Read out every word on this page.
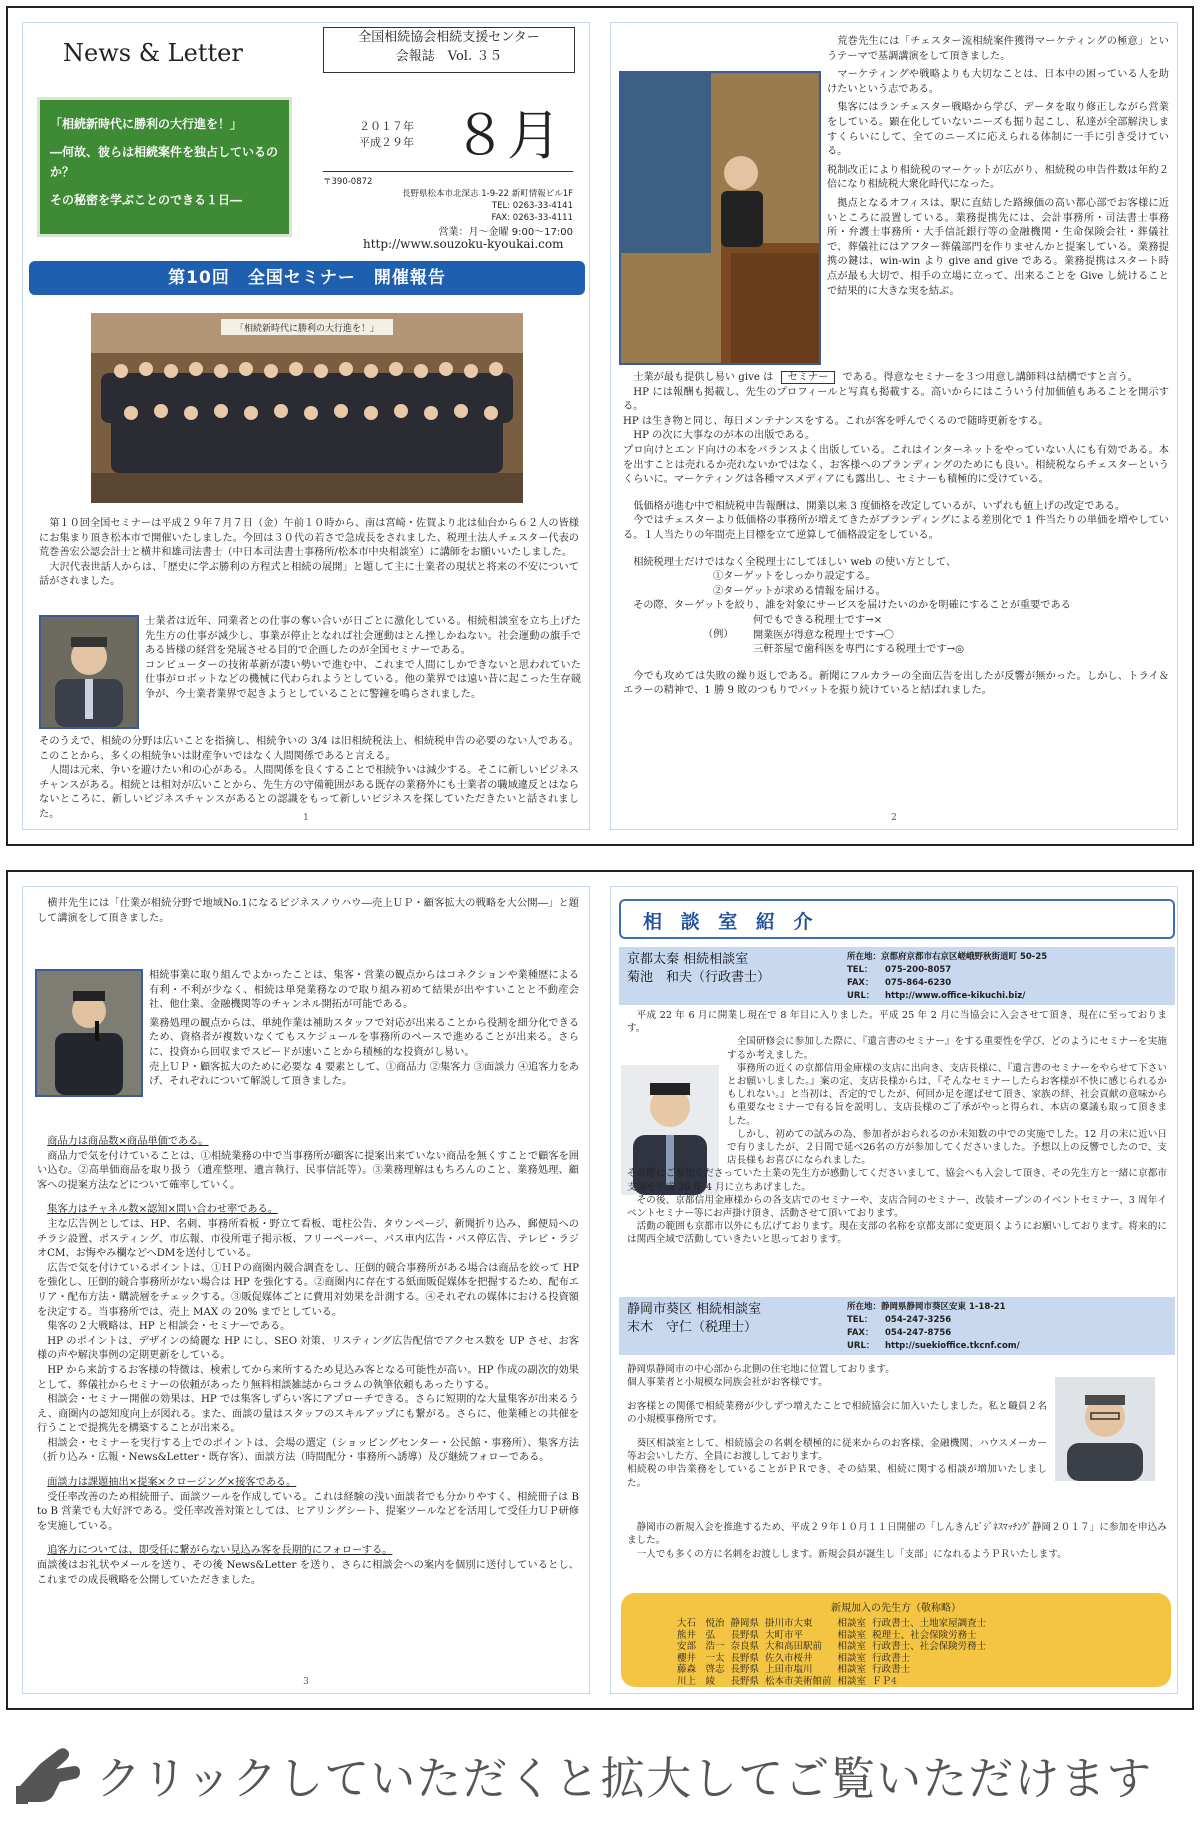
News & Letter
全国相続協会相続支援センター
会報誌　Vol. ３５

「相続新時代に勝利の大行進を！」

―何故、彼らは相続案件を独占しているのか？

その秘密を学ぶことのできる１日―

２０１７年
平成２９年 ８月
〒390-0872
長野県松本市北深志 1-9-22 新町情報ビル1F
TEL: 0263-33-4141
FAX: 0263-33-4111
営業：月～金曜 9:00～17:00
http://www.souzoku-kyoukai.com
第10回　全国セミナー　開催報告
「相続新時代に勝利の大行進を！」

第１０回全国セミナーは平成２９年７月７日（金）午前１０時から、南は宮崎・佐賀より北は仙台から６２人の皆様にお集まり頂き松本市で開催いたしました。今回は３０代の若さで急成長をされました、税理士法人チェスター代表の荒巻善宏公認会計士と横井和雄司法書士（中日本司法書士事務所/松本市中央相談室）に講師をお願いいたしました。

大沢代表世話人からは、「歴史に学ぶ勝利の方程式と相続の展開」と題して主に士業者の現状と将来の不安について話がされました。

士業者は近年、同業者との仕事の奪い合いが日ごとに激化している。相続相談室を立ち上げた先生方の仕事が減少し、事業が停止となれば社会運動はとん挫しかねない。社会運動の旗手である皆様の経営を発展させる目的で企画したのが全国セミナーである。

コンピューターの技術革新が凄い勢いで進む中、これまで人間にしかできないと思われていた仕事がロボットなどの機械に代わられようとしている。他の業界では遠い昔に起こった生存競争が、今士業者業界で起きようとしていることに警鐘を鳴らされました。

そのうえで、相続の分野は広いことを指摘し、相続争いの 3/4 は旧相続税法上、相続税申告の必要のない人である。このことから、多くの相続争いは財産争いではなく人間関係であると言える。

人間は元来、争いを避けたい和の心がある。人間関係を良くすることで相続争いは減少する。そこに新しいビジネスチャンスがある。相続とは相対が広いことから、先生方の守備範囲がある既存の業務外にも士業者の職域違反とはならないところに、新しいビジネスチャンスがあるとの認識をもって新しいビジネスを探していただきたいと話されました。	1

荒巻先生には「チェスター流相続案件獲得マーケティングの極意」というテーマで基調講演をして頂きました。

マーケティングや戦略よりも大切なことは、日本中の困っている人を助けたいという志である。

集客にはランチェスター戦略から学び、データを取り修正しながら営業をしている。顕在化していないニーズも掘り起こし、私達が全部解決しますくらいにして、全てのニーズに応えられる体制に一手に引き受けている。

税制改正により相続税のマーケットが広がり、相続税の申告件数は年約２倍になり相続税大衆化時代になった。

拠点となるオフィスは、駅に直結した路線価の高い都心部でお客様に近いところに設置している。業務提携先には、会計事務所・司法書士事務所・弁護士事務所・大手信託銀行等の金融機関・生命保険会社・葬儀社で、葬儀社にはアフター葬儀部門を作りませんかと提案している。業務提携の鍵は、win-win より give and give である。業務提携はスタート時点が最も大切で、相手の立場に立って、出来ることを Give し続けることで結果的に大きな実を結ぶ。

士業が最も提供し易い give は セミナー である。得意なセミナーを３つ用意し講師料は結構ですと言う。

HP には報酬も掲載し、先生のプロフィールと写真も掲載する。高いからにはこういう付加価値もあることを開示する。

HP は生き物と同じ、毎日メンテナンスをする。これが客を呼んでくるので随時更新をする。

HP の次に大事なのが本の出版である。

プロ向けとエンド向けの本をバランスよく出版している。これはインターネットをやっていない人にも有効である。本を出すことは売れるか売れないかではなく、お客様へのブランディングのためにも良い。相続税ならチェスターというくらいに。マーケティングは各種マスメディアにも露出し、セミナーも積極的に受けている。

低価格が進む中で相続税申告報酬は、開業以来 3 度価格を改定しているが、いずれも値上げの改定である。

今ではチェスターより低価格の事務所が増えてきたがブランディングによる差別化で 1 件当たりの単価を増やしている。１人当たりの年間売上目標を立て逆算して価格設定をしている。

相続税理士だけではなく全税理士にしてほしい web の使い方として、

①ターゲットをしっかり設定する。

②ターゲットが求める情報を届ける。

その際、ターゲットを絞り、誰を対象にサービスを届けたいのかを明確にすることが重要である

（例）

何でもできる税理士です→×

開業医が得意な税理士です→〇

三軒茶屋で歯科医を専門にする税理士です→◎

今でも攻めては失敗の繰り返しである。新聞にフルカラーの全面広告を出したが反響が無かった。しかし、トライ＆エラーの精神で、1 勝 9 敗のつもりでバットを振り続けていると結ばれました。

2

横井先生には「仕業が相続分野で地域No.1になるビジネスノウハウ―売上ＵＰ・顧客拡大の戦略を大公開―」と題して講演をして頂きました。

相続事業に取り組んでよかったことは、集客・営業の観点からはコネクションや業種歴による有利・不利が少なく、相続は単発業務なので取り組み初めて結果が出やすいことと不動産会社、他仕業、金融機関等のチャンネル開拓が可能である。

業務処理の観点からは、単純作業は補助スタッフで対応が出来ることから役割を細分化できるため、資格者が複数いなくてもスケジュールを事務所のペースで進めることが出来る。さらに、投資から回収までスピードが速いことから積極的な投資がし易い。

売上ＵＰ・顧客拡大のために必要な 4 要素として、①商品力 ②集客力 ③面談力 ④追客力をあげ、それぞれについて解説して頂きました。

商品力は商品数×商品単価である。

商品力で気を付けていることは、①相続業務の中で当事務所が顧客に提案出来ていない商品を無くすことで顧客を囲い込む。②高単価商品を取り扱う（遺産整理、遺言執行、民事信託等）。③業務理解はもちろんのこと、業務処理、顧客への提案方法などについて確率していく。

集客力はチャネル数×認知×問い合わせ率である。

主な広告例としては、HP、名刺、事務所看板・野立て看板、電柱公告、タウンページ、新聞折り込み、郵便局へのチラシ設置、ポスティング、市広報、市役所電子掲示板、フリーペーパー、バス車内広告・バス停広告、テレビ・ラジオCM、お悔やみ欄などへDMを送付している。

広告で気を付けているポイントは、①ＨＰの商圏内競合調査をし、圧倒的競合事務所がある場合は商品を絞って HP を強化し、圧倒的競合事務所がない場合は HP を強化する。②商圏内に存在する紙面販促媒体を把握するため、配布エリア・配布方法・購読層をチェックする。③販促媒体ごとに費用対効果を計測する。④それぞれの媒体における投資額を決定する。当事務所では、売上 MAX の 20% までとしている。

集客の２大戦略は、HP と相談会・セミナーである。

HP のポイントは、デザインの綺麗な HP にし、SEO 対策、リスティング広告配信でアクセス数を UP させ、お客様の声や解決事例の定期更新をしている。

HP から来訪するお客様の特徴は、検索してから来所するため見込み客となる可能性が高い。HP 作成の副次的効果として、葬儀社からセミナーの依頼があったり無料相談雑誌からコラムの執筆依頼もあったりする。

相談会・セミナー開催の効果は、HP では集客しずらい客にアプローチできる。さらに短期的な大量集客が出来るうえ、商圏内の認知度向上が図れる。また、面談の量はスタッフのスキルアップにも繋がる。さらに、他業種との共催を行うことで提携先を構築することが出来る。

相談会・セミナーを実行する上でのポイントは、会場の選定（ショッピングセンター・公民館・事務所）、集客方法（折り込み・広報・News&Letter・既存客）、面談方法（時間配分・事務所へ誘導）及び継続フォローである。

面談力は課題抽出×提案×クロージング×接客である。

受任率改善のため相続冊子、面談ツールを作成している。これは経験の浅い面談者でも分かりやすく、相続冊子は B to B 営業でも大好評である。受任率改善対策としては、ヒアリングシート、提案ツールなどを活用して受任力ＵＰ研修を実施している。

追客力については、即受任に繋がらない見込み客を長期的にフォローする。

面談後はお礼状やメールを送り、その後 News&Letter を送り、さらに相談会への案内を個別に送付しているとし、これまでの成長戦略を公開していただきました。

3
相 談 室 紹 介
京都太秦 相続相談室
菊池　和夫（行政書士）
所在地：京都府京都市右京区嵯峨野秋街道町 50-25
TEL： 075-200-8057
FAX： 075-864-6230
URL： http://www.office-kikuchi.biz/

平成 22 年 6 月に開業し現在で 8 年目に入りました。平成 25 年 2 月に当協会に入会させて頂き、現在に至っております。

全国研修会に参加した際に、『遺言書のセミナー』をする重要性を学び、どのようにセミナーを実施するか考えました。

事務所の近くの京都信用金庫様の支店に出向き、支店長様に、『遺言書のセミナーをやらせて下さいとお願いしました。』案の定、支店長様からは、『そんなセミナーしたらお客様が不快に感じられるかもしれない。』と当初は、否定的でしたが、何回か足を運ばせて頂き、家族の絆、社会貢献の意味からも重要なセミナーで有る旨を説明し、支店長様のご了承がやっと得られ、本店の稟議も取って頂きました。

しかし、初めての試みの為、参加者がおられるのか未知数の中での実施でした。12 月の末に近い日で有りましたが、２日間で延べ26名の方が参加してくださいました。予想以上の反響でしたので、支店長様もお喜びになられました。

その際にご参加くださっていた土業の先生方が感動してくださいまして、協会へも入会して頂き、その先生方と一緒に京都市支部を平成 26 年 4 月に立ちあげました。

その後、京都信用金庫様からの各支店でのセミナーや、支店合同のセミナー、改装オープンのイベントセミナー、3 周年イベントセミナー等にお声掛け頂き、活動させて頂いております。

活動の範囲も京都市以外にも広げております。現在支部の名称を京都支部に変更頂くようにお願いしております。将来的には関西全域で活動していきたいと思っております。

静岡市葵区 相続相談室
末木　守仁（税理士）
所在地：静岡県静岡市葵区安東 1-18-21
TEL： 054-247-3256
FAX： 054-247-8756
URL： http://suekioffice.tkcnf.com/

静岡県静岡市の中心部から北側の住宅地に位置しております。

個人事業者と小規模な同族会社がお客様です。

お客様との関係で相続業務が少しずつ増えたことで相続協会に加入いたしました。私と職員２名の小規模事務所です。

葵区相談室として、相続協会の名刺を積極的に従来からのお客様、金融機関、ハウスメーカー等お会いした方、全員にお渡ししております。

相続税の申告業務をしていることがＰＲでき、その結果、相続に関する相談が増加いたしました。

静岡市の新規入会を推進するため、平成２９年１０月１１日開催の「しんきんﾋﾞｼﾞﾈｽﾏｯﾁﾝｸﾞ静岡２０１７」に参加を申込みました。

一人でも多くの方に名刺をお渡しします。新規会員が誕生し「支部」になれるようＰＲいたします。

新規加入の先生方（敬称略）
大石　悦治	静岡県	掛川市大東	相談室	行政書士、土地家屋調査士
熊井　弘	長野県	大町市平	相談室	税理士、社会保険労務士
安部　浩一	奈良県	大和高田駅前	相談室	行政書士、社会保険労務士
櫻井　一太	長野県	佐久市桜井	相談室	行政書士
藤森　啓志	長野県	上田市塩川	相談室	行政書士
川上　綾	長野県	松本市美術館前	相談室	ＦＰ 4
クリックしていただくと拡大してご覧いただけます
